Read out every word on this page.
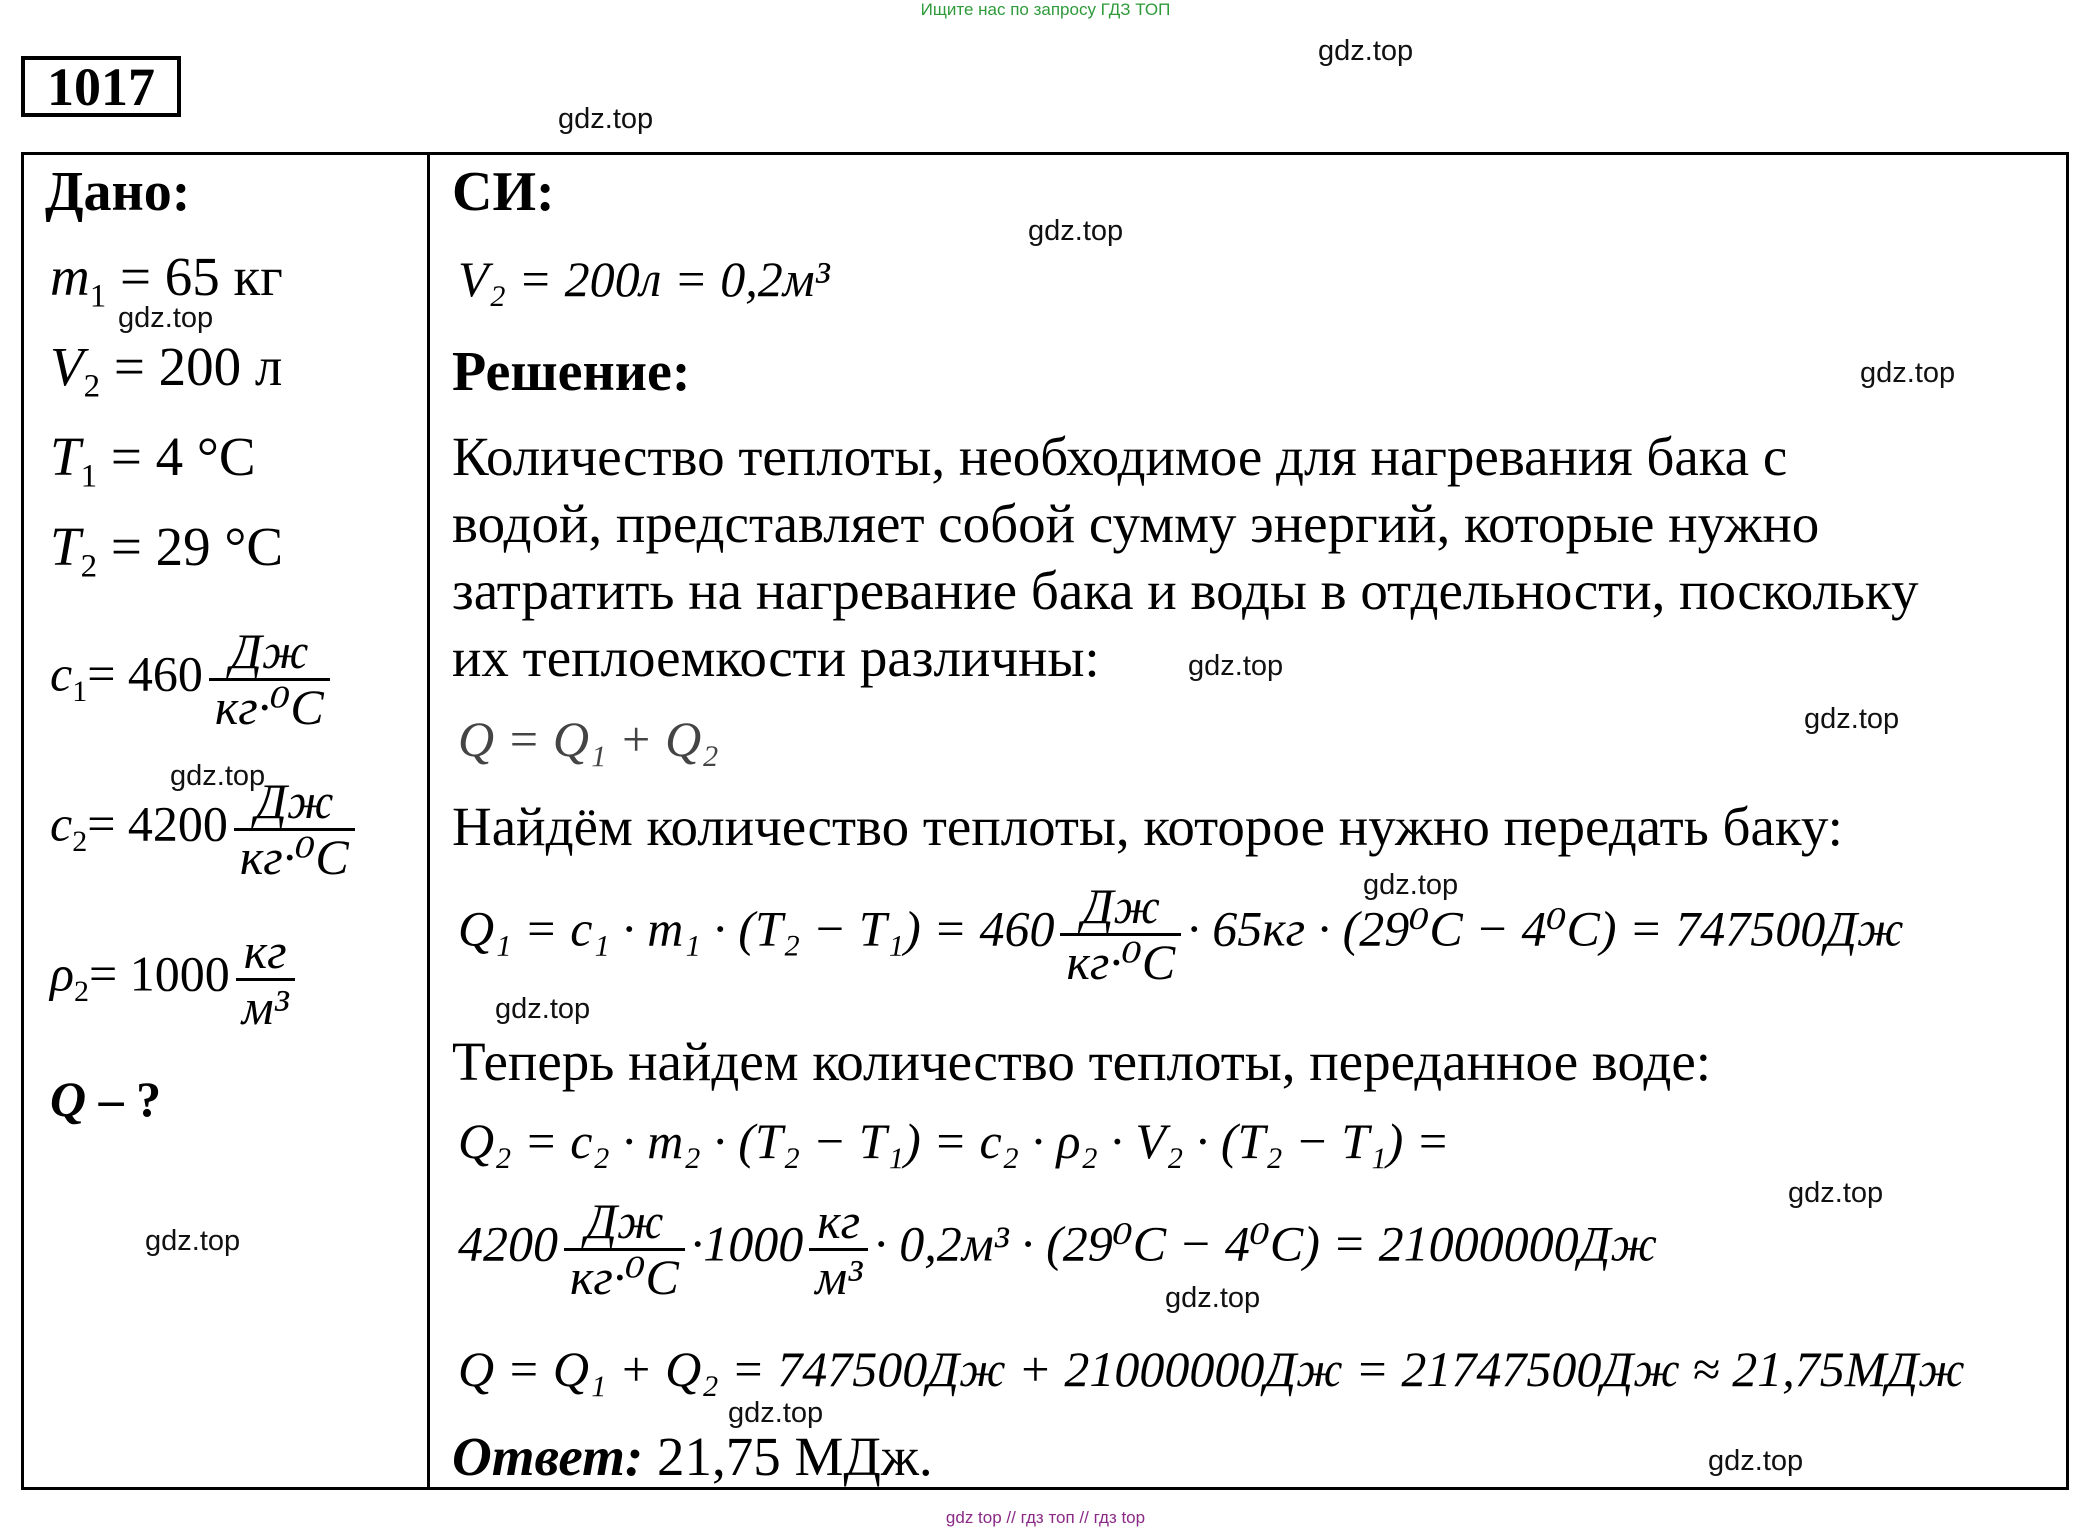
Ищите нас по запросу ГДЗ ТОП
1017
Дано:
$m_1 = 65$ кг
$V_2 = 200$ л
$T_1 = 4$ °C
$T_2 = 29$ °C
$c_1= 460 \frac{Дж}{\text{кг·⁰C}}$
$c_2= 4200 \frac{Дж}{\text{кг·⁰C}}$
$\rho_2= 1000 \frac{кг}{\text{м³}}$
Q – ?
СИ:
V₂ = 200л = 0,2м³
Решение:
Количество теплоты, необходимое для нагревания бака с
водой, представляет собой сумму энергий, которые нужно
затратить на нагревание бака и воды в отдельности, поскольку
их теплоемкости различны:
Q = Q₁ + Q₂
Найдём количество теплоты, которое нужно передать баку:
$Q_1 = c_1 \cdot m_1 \cdot (T_2 - T_1) = 460 \frac{Дж}{\text{кг·⁰C}} \cdot 65кг \cdot (29^0C - 4^0C) = 747500Дж$
Теперь найдем количество теплоты, переданное воде:
Q₂ = c₂ · m₂ · (T₂ − T₁) = c₂ · ρ₂ · V₂ · (T₂ − T₁) =
$4200 \frac{Дж}{\text{кг·⁰C}} \cdot 1000 \frac{кг}{\text{м³}} \cdot 0,2м^3 \cdot (29^0C - 4^0C) = 21000000Дж$
Q = Q₁ + Q₂ = 747500Дж + 21000000Дж = 21747500Дж ≈ 21,75МДж
Ответ: 21,75 МДж.
gdz.top
gdz.top
gdz.top
gdz.top
gdz.top
gdz.top
gdz.top
gdz.top
gdz.top
gdz.top
gdz.top
gdz.top
gdz.top
gdz.top
gdz.top
gdz top // гдз топ // гдз top
